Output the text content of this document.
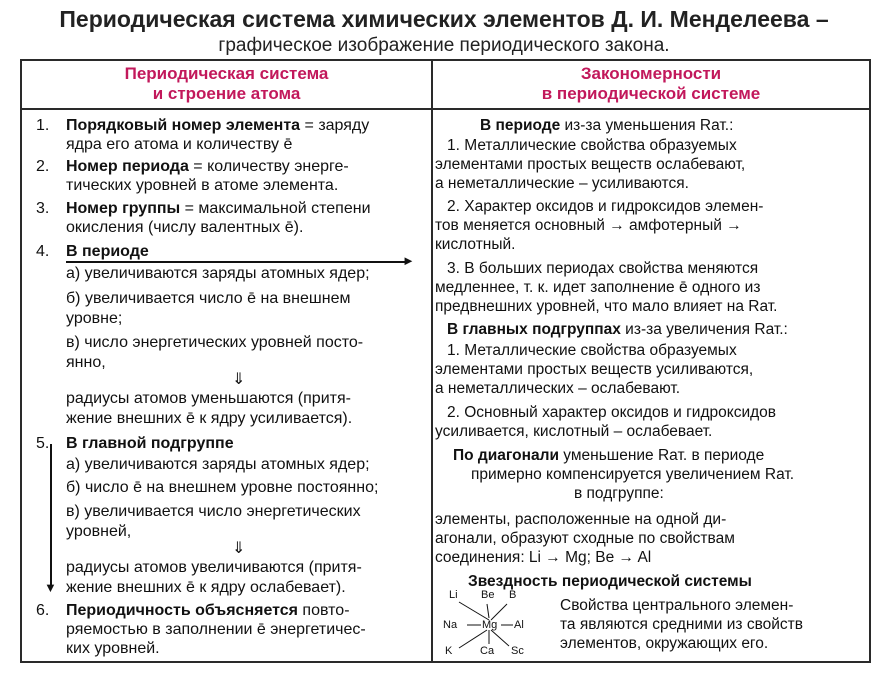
Периодическая система химических элементов Д. И. Менделеева –
графическое изображение периодического закона.
Периодическая система
и строение атома
Закономерности
в периодической системе
1. Порядковый номер элемента = заряду
ядра его атома и количеству ē
2. Номер периода = количеству энерге-
тических уровней в атоме элемента.
3. Номер группы = максимальной степени
окисления (числу валентных ē).
4. В периоде
►
а) увеличиваются заряды атомных ядер;
б) увеличивается число ē на внешнем
уровне;
в) число энергетических уровней посто-
янно,
⇓
радиусы атомов уменьшаются (притя-
жение внешних ē к ядру усиливается).
5. В главной подгруппе
▼
а) увеличиваются заряды атомных ядер;
б) число ē на внешнем уровне постоянно;
в) увеличивается число энергетических
уровней,
⇓
радиусы атомов увеличиваются (притя-
жение внешних ē к ядру ослабевает).
6. Периодичность объясняется повто-
ряемостью в заполнении ē энергетичес-
ких уровней.
В периоде из-за уменьшения Rат.:
1. Металлические свойства образуемых
элементами простых веществ ослабевают,
а неметаллические – усиливаются.
2. Характер оксидов и гидроксидов элемен-
тов меняется основный → амфотерный →
кислотный.
3. В больших периодах свойства меняются
медленнее, т. к. идет заполнение ē одного из
предвнешних уровней, что мало влияет на Rат.
В главных подгруппах из-за увеличения Rат.:
1. Металлические свойства образуемых
элементами простых веществ усиливаются,
а неметаллических – ослабевают.
2. Основный характер оксидов и гидроксидов
усиливается, кислотный – ослабевает.
По диагонали уменьшение Rат. в периоде
примерно компенсируется увеличением Rат.
в подгруппе:
элементы, расположенные на одной ди-
агонали, образуют сходные по свойствам
соединения: Li → Mg; Be → Al
Звездность периодической системы
Свойства центрального элемен-
та являются средними из свойств
элементов, окружающих его.
Li Be B
Na Mg Al
K	Ca Sc
